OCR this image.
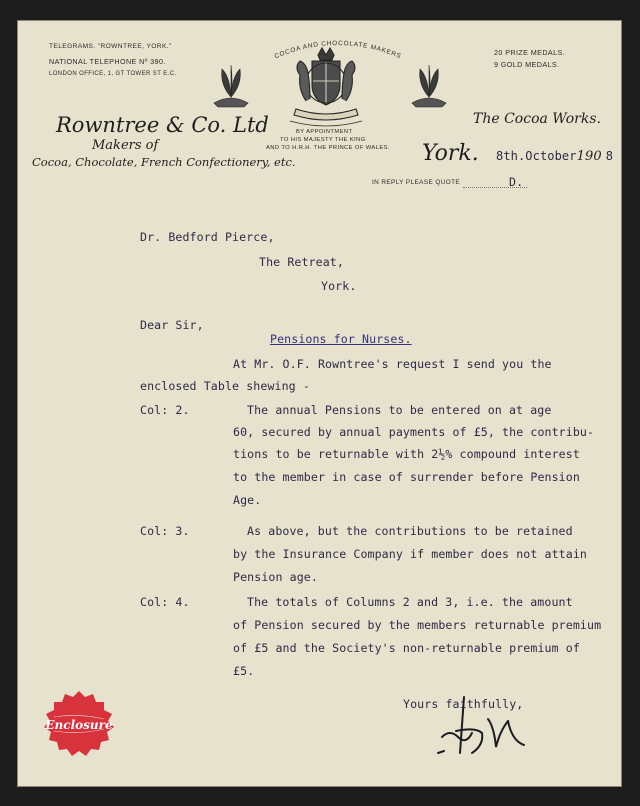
TELEGRAMS. "ROWNTREE, YORK."
NATIONAL TELEPHONE Nº 390.
LONDON OFFICE, 1, GT TOWER ST E.C.
20 PRIZE MEDALS.
9 GOLD MEDALS.
COCOA AND CHOCOLATE MAKERS
BY APPOINTMENT
TO HIS MAJESTY THE KING
AND TO H.R.H. THE PRINCE OF WALES.
Rowntree & Co. Ltd
Makers of
Cocoa, Chocolate, French Confectionery, etc.
The Cocoa Works.
York. 8th.October190 8
IN REPLY PLEASE QUOTE	D.
Dr. Bedford Pierce,
The Retreat,
York.
Dear Sir,
Pensions for Nurses.
At Mr. O.F. Rowntree's request I send you the
enclosed Table shewing -
Col: 2.	The annual Pensions to be entered on at age
60, secured by annual payments of £5, the contribu-
tions to be returnable with 2½% compound interest
to the member in case of surrender before Pension
Age.
Col: 3.	As above, but the contributions to be retained
by the Insurance Company if member does not attain
Pension age.
Col: 4.	The totals of Columns 2 and 3, i.e. the amount
of Pension secured by the members returnable premium
of £5 and the Society's non-returnable premium of
£5.
Yours faithfully,
Enclosure
